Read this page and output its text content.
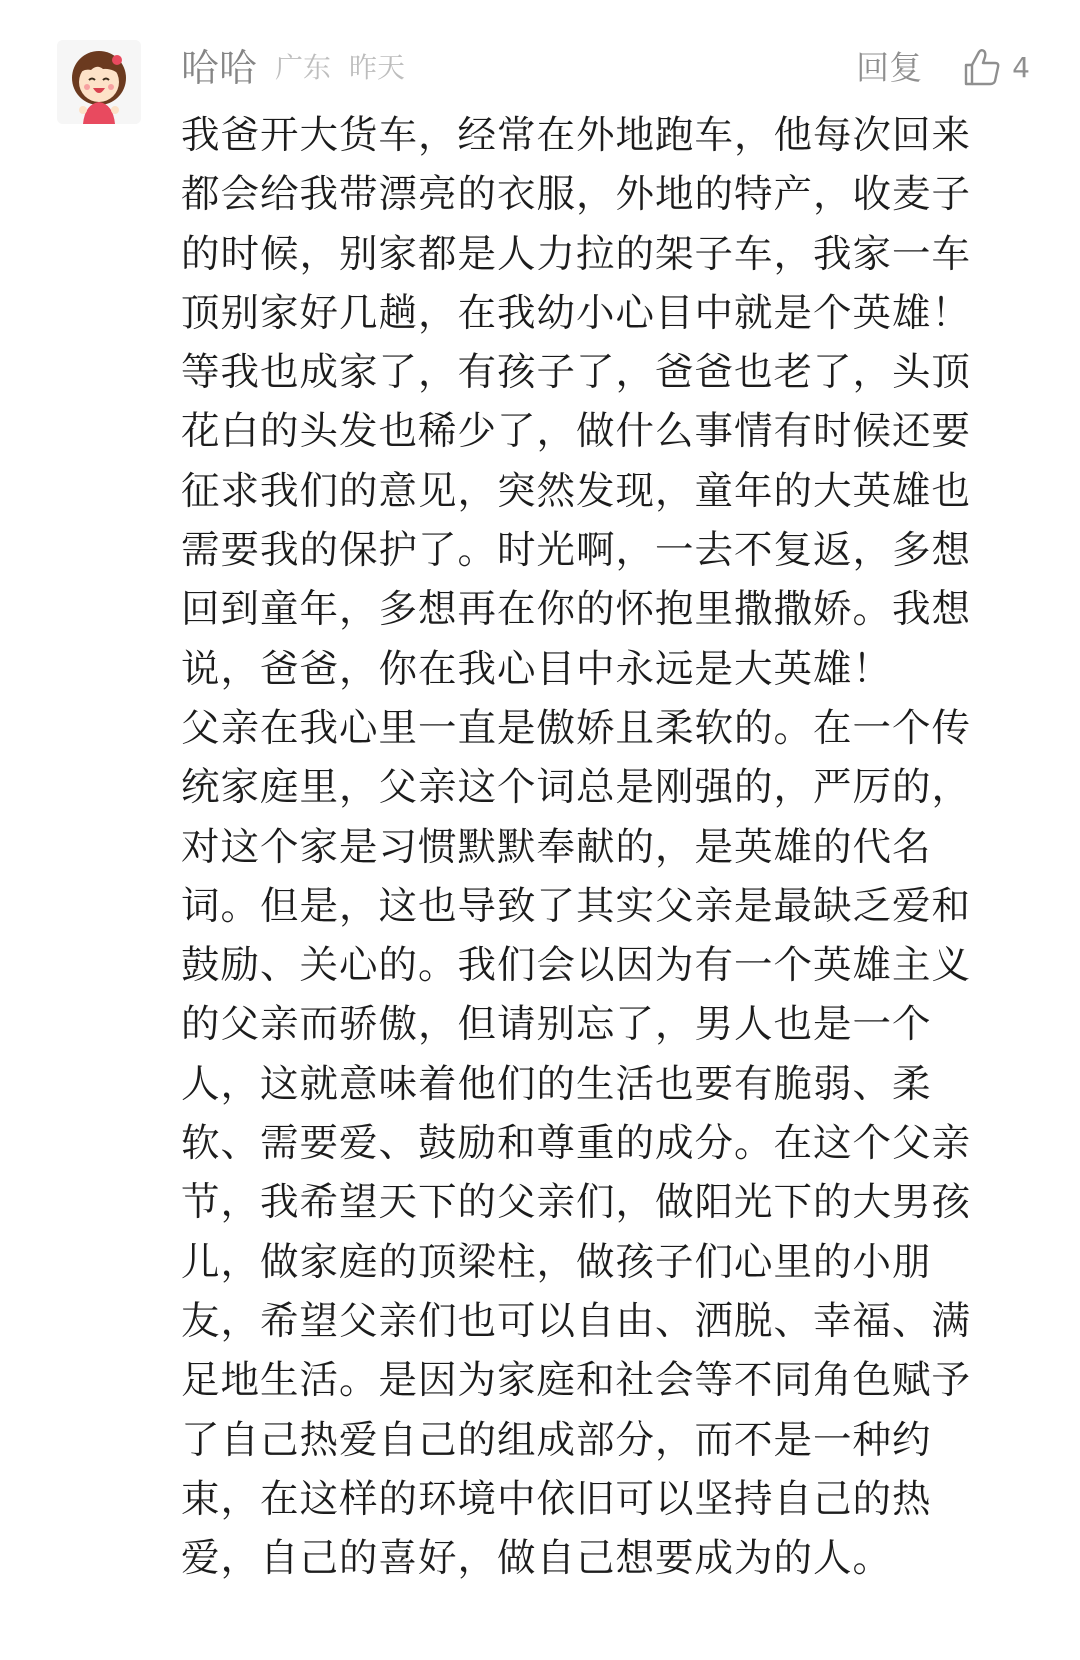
哈哈 广东 昨天	回复	4
我爸开大货车，经常在外地跑车，他每次回来
都会给我带漂亮的衣服，外地的特产，收麦子
的时候，别家都是人力拉的架子车，我家一车
顶别家好几趟，在我幼小心目中就是个英雄！
等我也成家了，有孩子了，爸爸也老了，头顶
花白的头发也稀少了，做什么事情有时候还要
征求我们的意见，突然发现，童年的大英雄也
需要我的保护了。时光啊，一去不复返，多想
回到童年，多想再在你的怀抱里撒撒娇。我想
说，爸爸，你在我心目中永远是大英雄！
父亲在我心里一直是傲娇且柔软的。在一个传
统家庭里，父亲这个词总是刚强的，严厉的，
对这个家是习惯默默奉献的，是英雄的代名
词。但是，这也导致了其实父亲是最缺乏爱和
鼓励、关心的。我们会以因为有一个英雄主义
的父亲而骄傲，但请别忘了，男人也是一个
人，这就意味着他们的生活也要有脆弱、柔
软、需要爱、鼓励和尊重的成分。在这个父亲
节，我希望天下的父亲们，做阳光下的大男孩
儿，做家庭的顶梁柱，做孩子们心里的小朋
友，希望父亲们也可以自由、洒脱、幸福、满
足地生活。是因为家庭和社会等不同角色赋予
了自己热爱自己的组成部分，而不是一种约
束，在这样的环境中依旧可以坚持自己的热
爱，自己的喜好，做自己想要成为的人。
